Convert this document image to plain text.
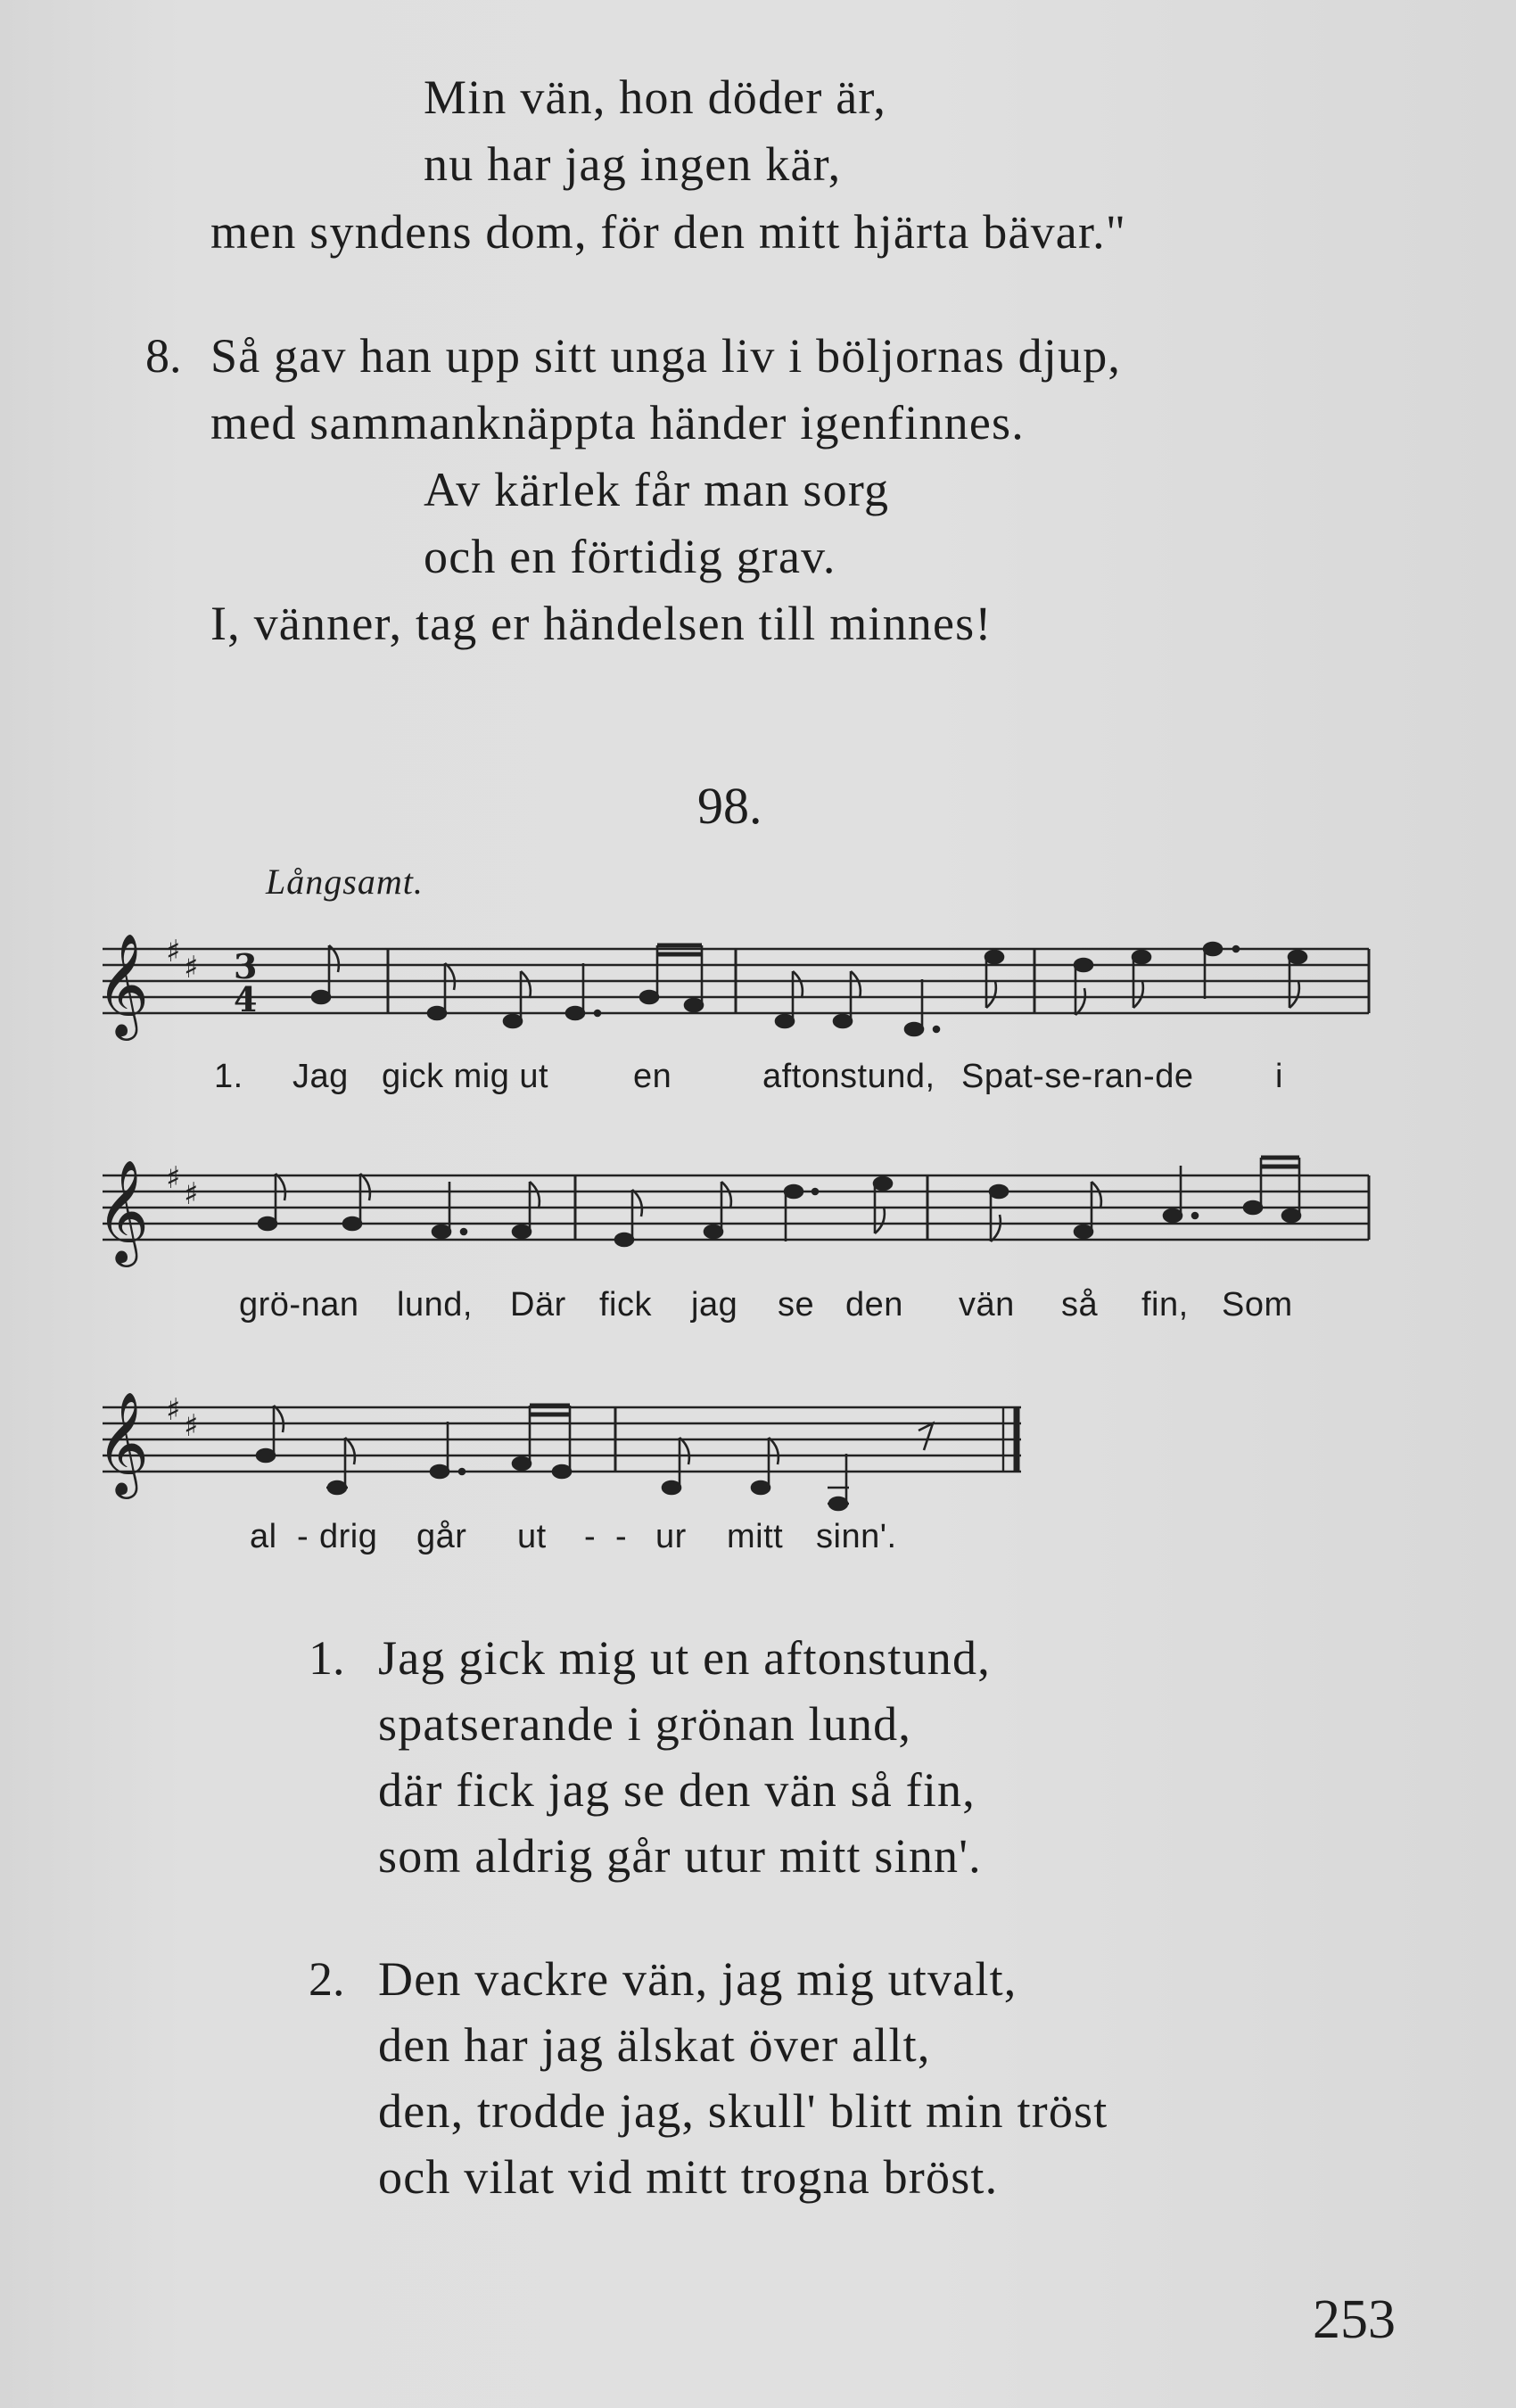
Min vän, hon döder är,
nu har jag ingen kär,
men syndens dom, för den mitt hjärta bävar."
8. Så gav han upp sitt unga liv i böljornas djup,
med sammanknäppta händer igenfinnes.
Av kärlek får man sorg
och en förtidig grav.
I, vänner, tag er händelsen till minnes!
98.
Långsamt.
𝄞
𝄞
𝄞
♯ ♯
♯ ♯
♯ ♯
3
4
1. Jag gick mig ut en	aftonstund, Spat-se-ran-de i
grö-nan lund, Där fick jag se den vän så fin, Som
al - drig går ut - - ur mitt sinn'.
1. Jag gick mig ut en aftonstund,
spatserande i grönan lund,
där fick jag se den vän så fin,
som aldrig går utur mitt sinn'.
2. Den vackre vän, jag mig utvalt,
den har jag älskat över allt,
den, trodde jag, skull' blitt min tröst
och vilat vid mitt trogna bröst.
253
